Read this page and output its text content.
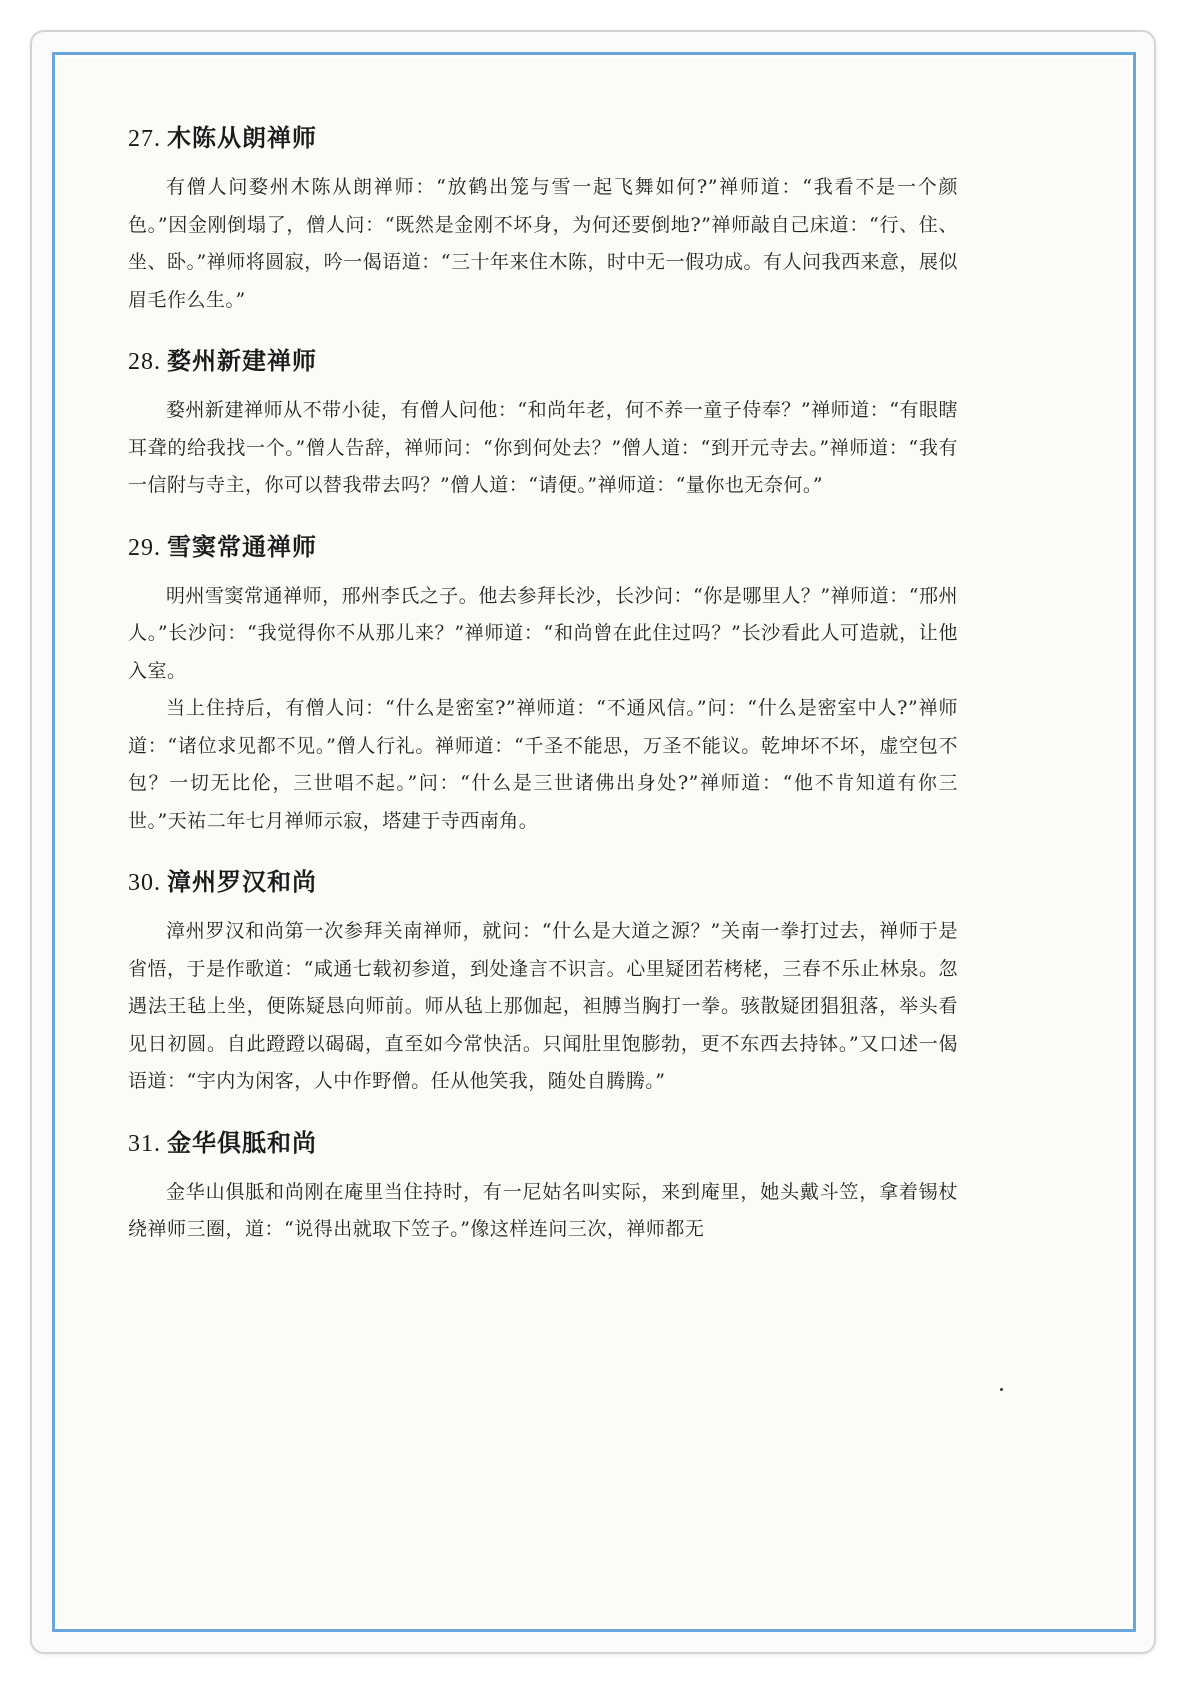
27. 木陈从朗禅师

有僧人问婺州木陈从朗禅师：“放鹤出笼与雪一起飞舞如何?”禅师道：“我看不是一个颜色。”因金刚倒塌了，僧人问：“既然是金刚不坏身，为何还要倒地?”禅师敲自己床道：“行、住、坐、卧。”禅师将圆寂，吟一偈语道：“三十年来住木陈，时中无一假功成。有人问我西来意，展似眉毛作么生。”

28. 婺州新建禅师

婺州新建禅师从不带小徒，有僧人问他：“和尚年老，何不养一童子侍奉？”禅师道：“有眼瞎耳聋的给我找一个。”僧人告辞，禅师问：“你到何处去？”僧人道：“到开元寺去。”禅师道：“我有一信附与寺主，你可以替我带去吗？”僧人道：“请便。”禅师道：“量你也无奈何。”

29. 雪窦常通禅师

明州雪窦常通禅师，邢州李氏之子。他去参拜长沙，长沙问：“你是哪里人？”禅师道：“邢州人。”长沙问：“我觉得你不从那儿来？”禅师道：“和尚曾在此住过吗？”长沙看此人可造就，让他入室。

当上住持后，有僧人问：“什么是密室?”禅师道：“不通风信。”问：“什么是密室中人?”禅师道：“诸位求见都不见。”僧人行礼。禅师道：“千圣不能思，万圣不能议。乾坤坏不坏，虚空包不包？一切无比伦，三世唱不起。”问：“什么是三世诸佛出身处?”禅师道：“他不肯知道有你三世。”天祐二年七月禅师示寂，塔建于寺西南角。

30. 漳州罗汉和尚

漳州罗汉和尚第一次参拜关南禅师，就问：“什么是大道之源？”关南一拳打过去，禅师于是省悟，于是作歌道：“咸通七载初参道，到处逢言不识言。心里疑团若栲栳，三春不乐止林泉。忽遇法王毡上坐，便陈疑恳向师前。师从毡上那伽起，袒膊当胸打一拳。骇散疑团猖狙落，举头看见日初圆。自此蹬蹬以碣碣，直至如今常快活。只闻肚里饱膨勃，更不东西去持钵。”又口述一偈语道：“宇内为闲客，人中作野僧。任从他笑我，随处自腾腾。”

31. 金华俱胝和尚

金华山俱胝和尚刚在庵里当住持时，有一尼姑名叫实际，来到庵里，她头戴斗笠，拿着锡杖绕禅师三圈，道：“说得出就取下笠子。”像这样连问三次，禅师都无
